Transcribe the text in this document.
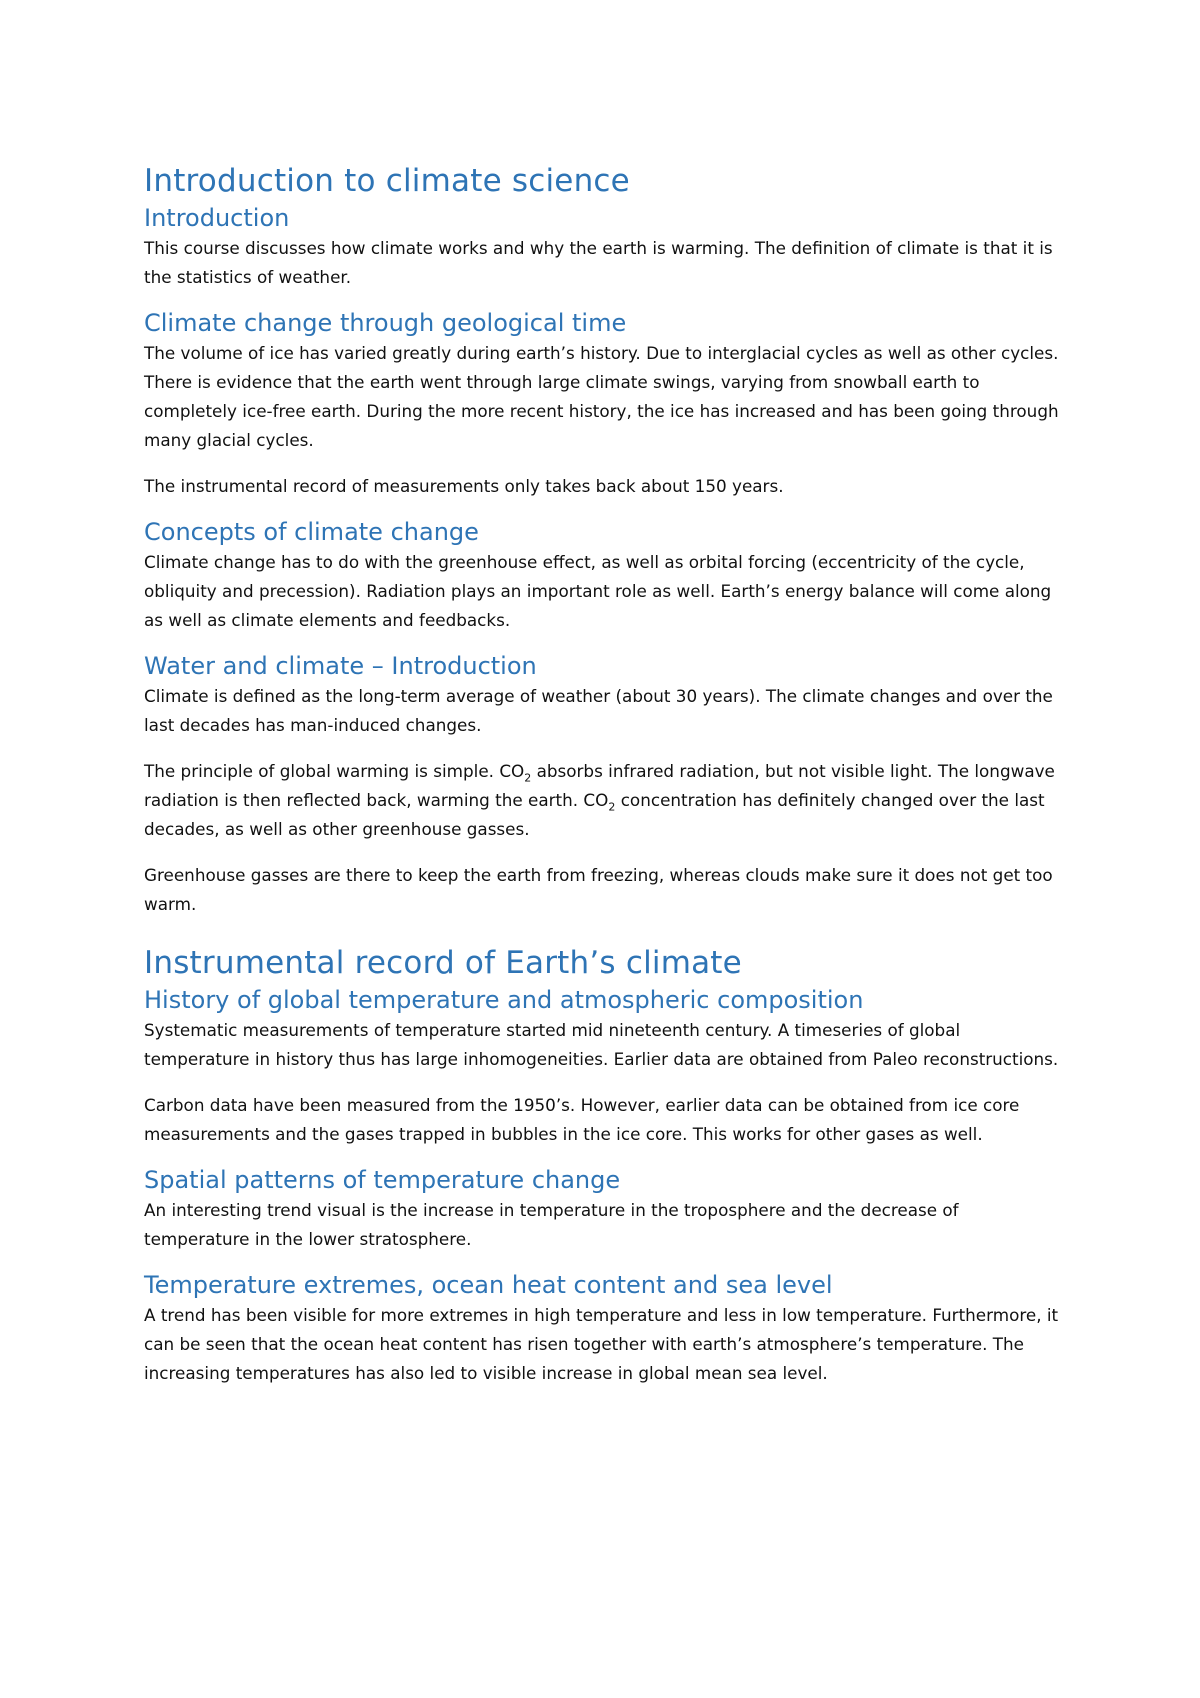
Introduction to climate science
Introduction

This course discusses how climate works and why the earth is warming. The definition of climate is that it is the statistics of weather.

Climate change through geological time

The volume of ice has varied greatly during earth’s history. Due to interglacial cycles as well as other cycles. There is evidence that the earth went through large climate swings, varying from snowball earth to completely ice-free earth. During the more recent history, the ice has increased and has been going through many glacial cycles.

The instrumental record of measurements only takes back about 150 years.

Concepts of climate change

Climate change has to do with the greenhouse effect, as well as orbital forcing (eccentricity of the cycle, obliquity and precession). Radiation plays an important role as well. Earth’s energy balance will come along as well as climate elements and feedbacks.

Water and climate – Introduction

Climate is defined as the long-term average of weather (about 30 years). The climate changes and over the last decades has man-induced changes.

The principle of global warming is simple. $CO_2$ absorbs infrared radiation, but not visible light. The longwave radiation is then reflected back, warming the earth. $CO_2$ concentration has definitely changed over the last decades, as well as other greenhouse gasses.

Greenhouse gasses are there to keep the earth from freezing, whereas clouds make sure it does not get too warm.

Instrumental record of Earth’s climate
History of global temperature and atmospheric composition

Systematic measurements of temperature started mid nineteenth century. A timeseries of global temperature in history thus has large inhomogeneities. Earlier data are obtained from Paleo reconstructions.

Carbon data have been measured from the 1950’s. However, earlier data can be obtained from ice core measurements and the gases trapped in bubbles in the ice core. This works for other gases as well.

Spatial patterns of temperature change

An interesting trend visual is the increase in temperature in the troposphere and the decrease of temperature in the lower stratosphere.

Temperature extremes, ocean heat content and sea level

A trend has been visible for more extremes in high temperature and less in low temperature. Furthermore, it can be seen that the ocean heat content has risen together with earth’s atmosphere’s temperature. The increasing temperatures has also led to visible increase in global mean sea level.
